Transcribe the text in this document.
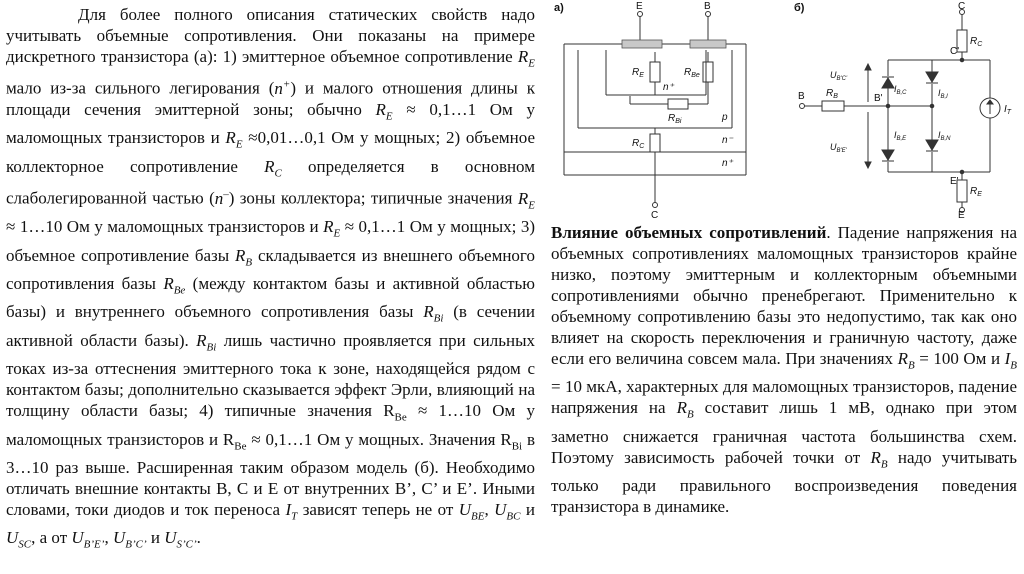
Для более полного описания статических свойств надо учитывать объемные сопротивления. Они показаны на примере дискретного транзистора (а): 1) эмиттерное объемное сопротивление $R_E$ мало из-за сильного легирования (n+) и малого отношения длины к площади сечения эмиттерной зоны; обычно $R_E$ ≈ 0,1…1 Ом у маломощных транзисторов и $R_E$ ≈0,01…0,1 Ом у мощных; 2) объемное коллекторное сопротивление $R_C$ определяется в основном слаболегированной частью (n–) зоны коллектора; типичные значения $R_E$ ≈ 1…10 Ом у маломощных транзисторов и $R_E$ ≈ 0,1…1 Ом у мощных; 3) объемное сопротивление базы $R_B$ складывается из внешнего объемного сопротивления базы $R_{Be}$ (между контактом базы и активной областью базы) и внутреннего объемного сопротивления базы $R_{Bi}$ (в сечении активной области базы). $R_{Bi}$ лишь частично проявляется при сильных токах из-за оттеснения эмиттерного тока к зоне, находящейся рядом с контактом базы; дополнительно сказывается эффект Эрли, влияющий на толщину области базы; 4) типичные значения $R_{Be}$ ≈ 1…10 Ом у маломощных транзисторов и $R_{Be}$ ≈ 0,1…1 Ом у мощных. Значения $R_{Bi}$ в 3…10 раз выше. Расширенная таким образом модель (б). Необходимо отличать внешние контакты B, C и E от внутренних B’, C’ и E’. Иными словами, токи диодов и ток переноса $I_T$ зависят теперь не от $U_{BE}$, $U_{BC}$ и $U_{SC}$, а от $U_{B’E’}$, $U_{B’C’}$ и $U_{S’C’}$.

Влияние объемных сопротивлений. Падение напряжения на объемных сопротивлениях маломощных транзисторов крайне низко, поэтому эмиттерным и коллекторным объемными сопротивлениями обычно пренебрегают. Применительно к объемному сопротивлению базы это недопустимо, так как оно влияет на скорость переключения и граничную частоту, даже если его величина совсем мала. При значениях $R_B = 100$ Ом и $I_B = 10$ мкА, характерных для маломощных транзисторов, падение напряжения на $R_B$ составит лишь 1 мВ, однако при этом заметно снижается граничная частота большинства схем. Поэтому зависимость рабочей точки от $R_B$ надо учитывать только ради правильного воспроизведения поведения транзистора в динамике.

а)	E	B
C
$R_E$	$R_{Be}$
$R_{Bi}$
$R_C$
n⁺
p
n⁻
n⁺
б)	C
C'
B	B'
E
E'
$R_C$
$R_B$
$R_E$
$U_{B'C'}$
$U_{B'E'}$
$I_{B,C}$
$I_{B,E}$
$I_{B,I}$
$I_{B,N}$
$I_T$
